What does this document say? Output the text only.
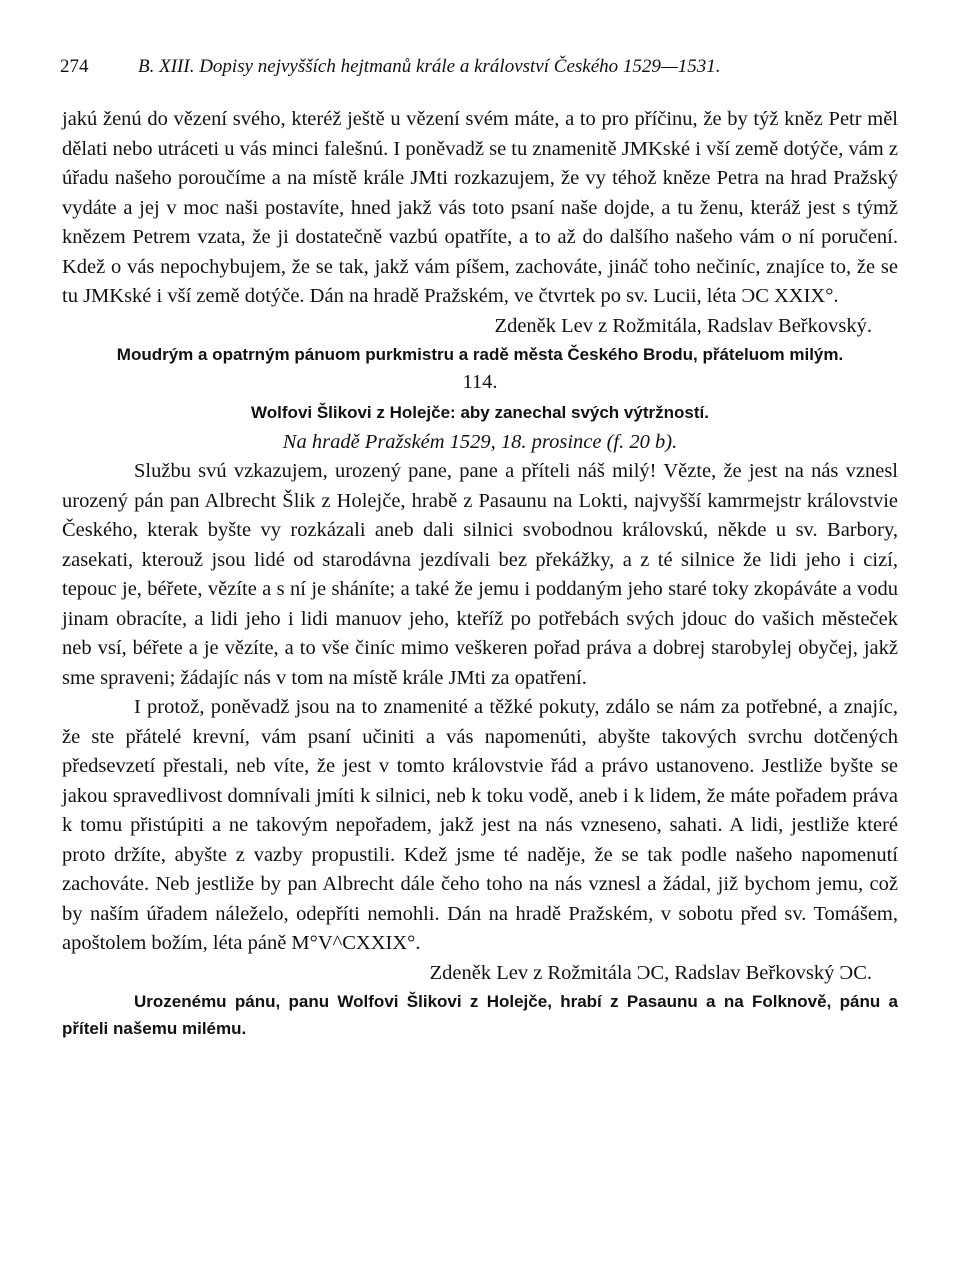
274	B. XIII. Dopisy nejvyšších hejtmanů krále a království Českého 1529—1531.

jakú ženú do vězení svého, kteréž ještě u vězení svém máte, a to pro příčinu, že by týž kněz Petr měl dělati nebo utráceti u vás minci falešnú. I poněvadž se tu znamenitě JMKské i vší země dotýče, vám z úřadu našeho poroučíme a na místě krále JMti rozkazujem, že vy téhož kněze Petra na hrad Pražský vydáte a jej v moc naši postavíte, hned jakž vás toto psaní naše dojde, a tu ženu, kteráž jest s týmž knězem Petrem vzata, že ji dostatečně vazbú opatříte, a to až do dalšího našeho vám o ní poručení. Kdež o vás nepochybujem, že se tak, jakž vám píšem, zachováte, jináč toho nečiníc, znajíce to, že se tu JMKské i vší země dotýče. Dán na hradě Pražském, ve čtvrtek po sv. Lucii, léta ϽC XXIX°.

Zdeněk Lev z Rožmitála, Radslav Beřkovský.

Moudrým a opatrným pánuom purkmistru a radě města Českého Brodu, přáteluom milým.

114.

Wolfovi Šlikovi z Holejče: aby zanechal svých výtržností.

Na hradě Pražském 1529, 18. prosince (f. 20 b).

Službu svú vzkazujem, urozený pane, pane a příteli náš milý! Vězte, že jest na nás vznesl urozený pán pan Albrecht Šlik z Holejče, hrabě z Pasaunu na Lokti, najvyšší kamrmejstr královstvie Českého, kterak byšte vy rozkázali aneb dali silnici svobodnou královskú, někde u sv. Barbory, zasekati, kterouž jsou lidé od starodávna jezdívali bez překážky, a z té silnice že lidi jeho i cizí, tepouc je, béřete, vězíte a s ní je sháníte; a také že jemu i poddaným jeho staré toky zkopáváte a vodu jinam obracíte, a lidi jeho i lidi manuov jeho, kteříž po potřebách svých jdouc do vašich městeček neb vsí, béřete a je vězíte, a to vše činíc mimo veškeren pořad práva a dobrej starobylej obyčej, jakž sme spraveni; žádajíc nás v tom na místě krále JMti za opatření.

I protož, poněvadž jsou na to znamenité a těžké pokuty, zdálo se nám za potřebné, a znajíc, že ste přátelé krevní, vám psaní učiniti a vás napomenúti, abyšte takových svrchu dotčených předsevzetí přestali, neb víte, že jest v tomto královstvie řád a právo ustanoveno. Jestliže byšte se jakou spravedlivost domnívali jmíti k silnici, neb k toku vodě, aneb i k lidem, že máte pořadem práva k tomu přistúpiti a ne takovým nepořadem, jakž jest na nás vzneseno, sahati. A lidi, jestliže které proto držíte, abyšte z vazby propustili. Kdež jsme té naděje, že se tak podle našeho napomenutí zachováte. Neb jestliže by pan Albrecht dále čeho toho na nás vznesl a žádal, již bychom jemu, což by naším úřadem náleželo, odepříti nemohli. Dán na hradě Pražském, v sobotu před sv. Tomášem, apoštolem božím, léta páně M°V^CXXIX°.

Zdeněk Lev z Rožmitála ϽC, Radslav Beřkovský ϽC.

Urozenému pánu, panu Wolfovi Šlikovi z Holejče, hrabí z Pasaunu a na Folknově, pánu a příteli našemu milému.
